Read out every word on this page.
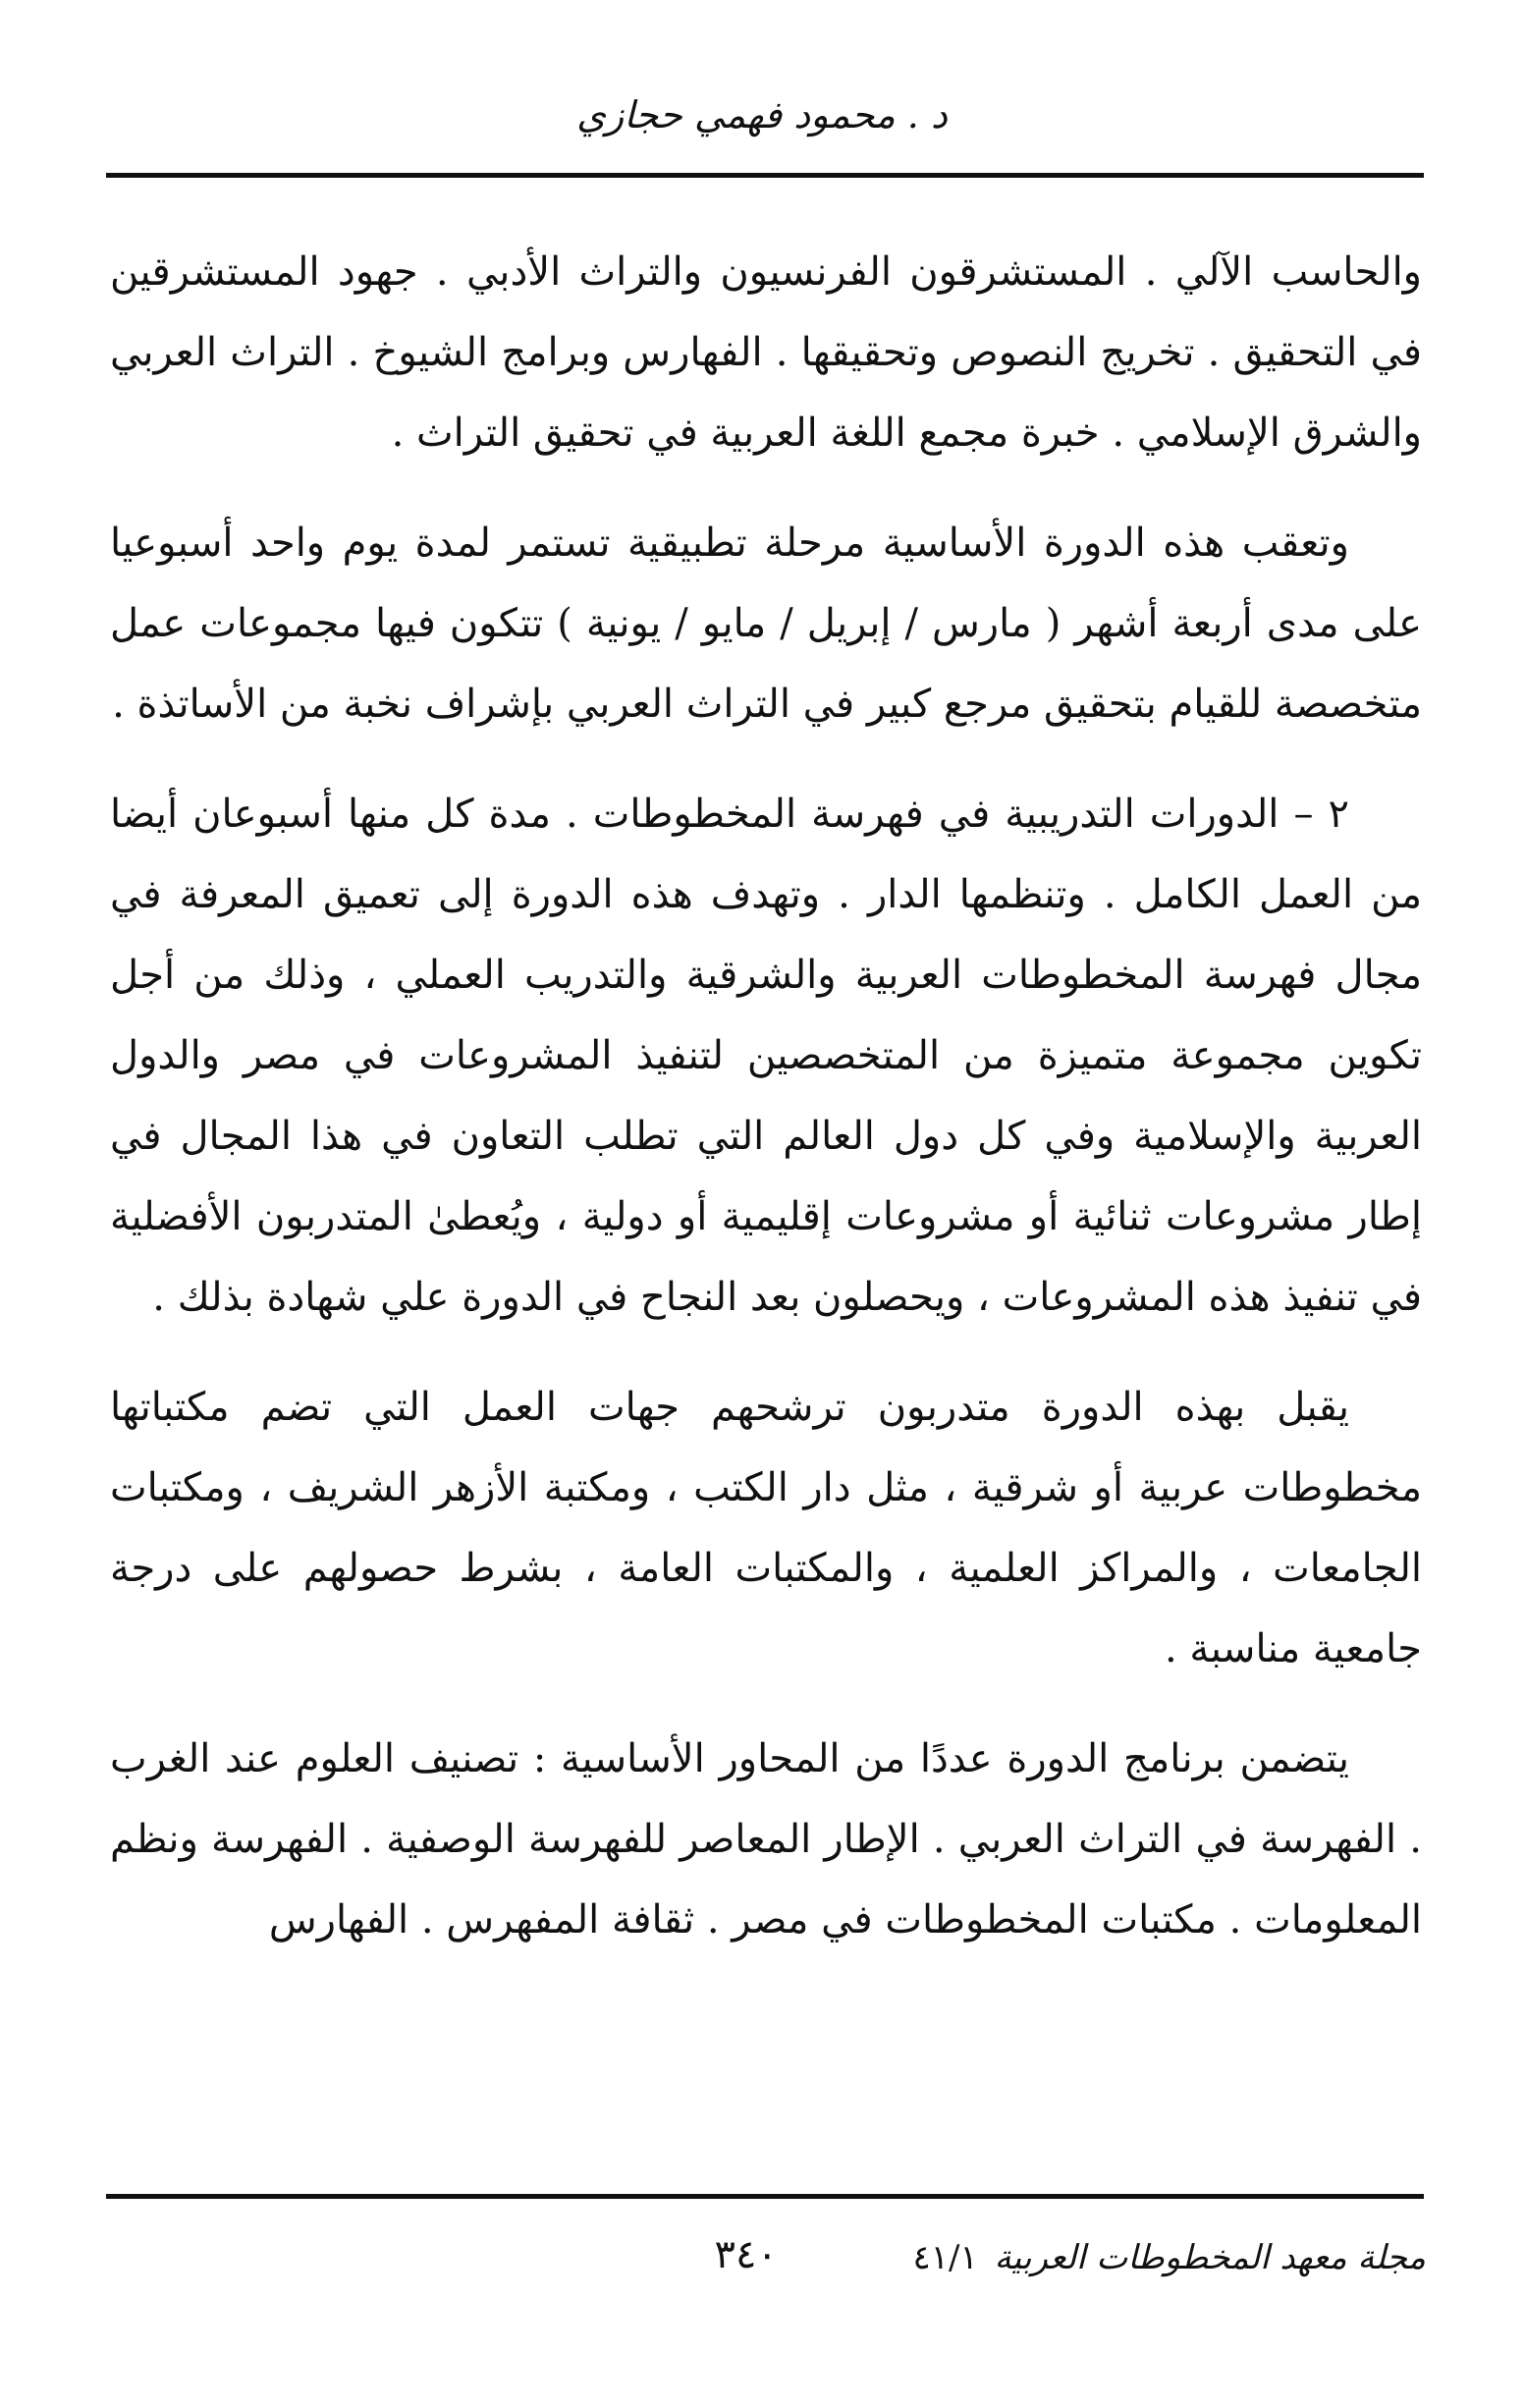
د . محمود فهمي حجازي

والحاسب الآلي . المستشرقون الفرنسيون والتراث الأدبي . جهود المستشرقين في التحقيق . تخريج النصوص وتحقيقها . الفهارس وبرامج الشيوخ . التراث العربي والشرق الإسلامي . خبرة مجمع اللغة العربية في تحقيق التراث .

وتعقب هذه الدورة الأساسية مرحلة تطبيقية تستمر لمدة يوم واحد أسبوعيا على مدى أربعة أشهر ( مارس / إبريل / مايو / يونية ) تتكون فيها مجموعات عمل متخصصة للقيام بتحقيق مرجع كبير في التراث العربي بإشراف نخبة من الأساتذة .

٢ – الدورات التدريبية في فهرسة المخطوطات . مدة كل منها أسبوعان أيضا من العمل الكامل . وتنظمها الدار . وتهدف هذه الدورة إلى تعميق المعرفة في مجال فهرسة المخطوطات العربية والشرقية والتدريب العملي ، وذلك من أجل تكوين مجموعة متميزة من المتخصصين لتنفيذ المشروعات في مصر والدول العربية والإسلامية وفي كل دول العالم التي تطلب التعاون في هذا المجال في إطار مشروعات ثنائية أو مشروعات إقليمية أو دولية ، ويُعطىٰ المتدربون الأفضلية في تنفيذ هذه المشروعات ، ويحصلون بعد النجاح في الدورة علي شهادة بذلك .

يقبل بهذه الدورة متدربون ترشحهم جهات العمل التي تضم مكتباتها مخطوطات عربية أو شرقية ، مثل دار الكتب ، ومكتبة الأزهر الشريف ، ومكتبات الجامعات ، والمراكز العلمية ، والمكتبات العامة ، بشرط حصولهم على درجة جامعية مناسبة .

يتضمن برنامج الدورة عددًا من المحاور الأساسية : تصنيف العلوم عند الغرب . الفهرسة في التراث العربي . الإطار المعاصر للفهرسة الوصفية . الفهرسة ونظم المعلومات . مكتبات المخطوطات في مصر . ثقافة المفهرس . الفهارس

مجلة معهد المخطوطات العربية ٤١/١
٣٤٠
